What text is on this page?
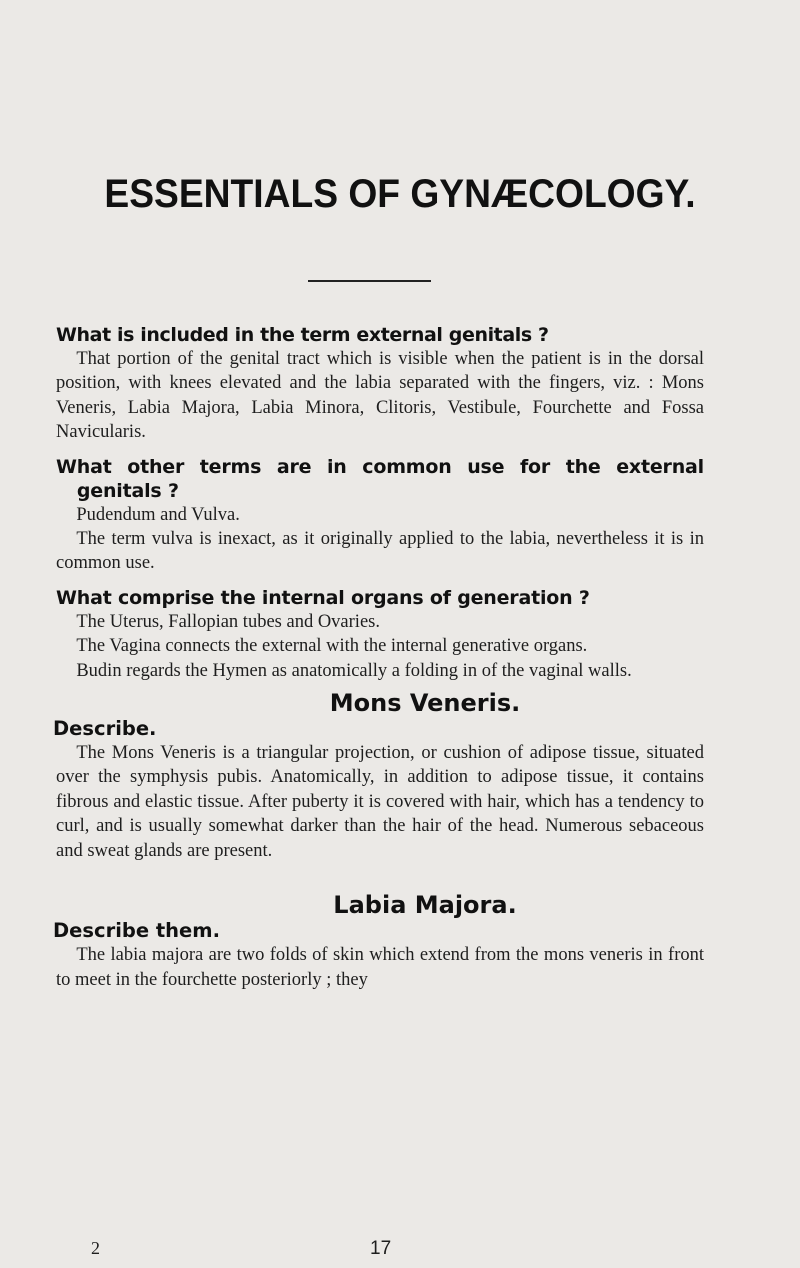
ESSENTIALS OF GYNÆCOLOGY.
What is included in the term external genitals ?

That portion of the genital tract which is visible when the patient is in the dorsal position, with knees elevated and the labia separated with the fingers, viz. : Mons Veneris, Labia Majora, Labia Minora, Clitoris, Vestibule, Fourchette and Fossa Navicularis.

What other terms are in common use for the external genitals ?

Pudendum and Vulva.

The term vulva is inexact, as it originally applied to the labia, nevertheless it is in common use.

What comprise the internal organs of generation ?

The Uterus, Fallopian tubes and Ovaries.

The Vagina connects the external with the internal generative organs.

Budin regards the Hymen as anatomically a folding in of the vaginal walls.

Mons Veneris.
Describe.

The Mons Veneris is a triangular projection, or cushion of adipose tissue, situated over the symphysis pubis. Anatomically, in addition to adipose tissue, it contains fibrous and elastic tissue. After puberty it is covered with hair, which has a tendency to curl, and is usually somewhat darker than the hair of the head. Numerous sebaceous and sweat glands are present.

Labia Majora.
Describe them.

The labia majora are two folds of skin which extend from the mons veneris in front to meet in the fourchette posteriorly ; they

2	17
